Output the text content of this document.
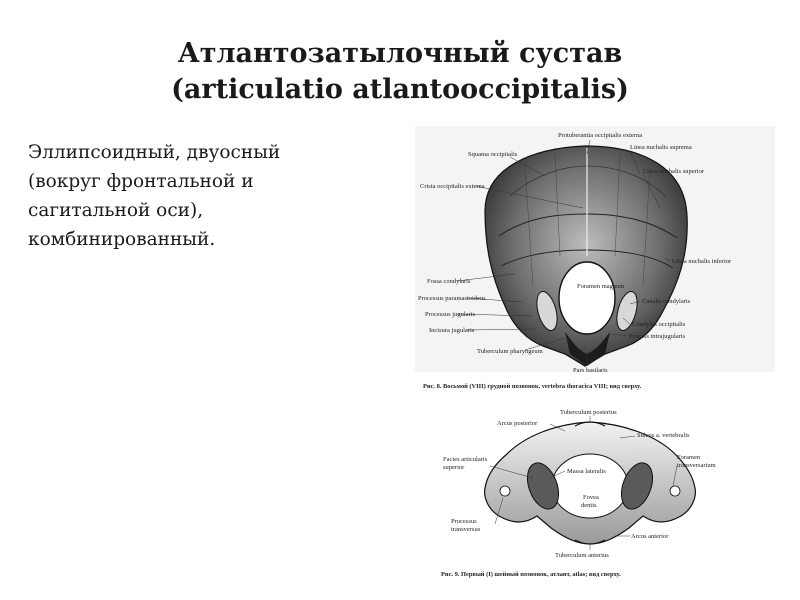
Атлантозатылочный сустав
(articulatio atlantooccipitalis)
Эллипсоидный, двуосный
(вокруг фронтальной и
сагитальной оси),
комбинированный.
Protuberantia occipitalis externa
Squama occipitalis
Linea nuchalis suprema
Linea nuchalis superior
Crista occipitalis externa
Linea nuchalis inferior
Fossa condylaris
Foramen magnum
Processus paramastoideus	Canalis condylaris
Processus jugularis
Condylus occipitalis
Incisura jugularis
Process intrajugularis
Tuberculum pharyngeum
Pars basilaris
Рис. 8. Восьмой (VIII) грудной позвонок, vertebra thoracica VIII; вид сверху.
Tuberculum posterius
Arcus posterior
Sulcus a. vertebralis
Facies articularis
superior
Massa lateralis
Foramen
transversarium
Fovea
dentis
Processus
transversus
Arcus anterior
Tuberculum anterius
Рис. 9. Первый (I) шейный позвонок, атлант, atlas; вид сверху.
